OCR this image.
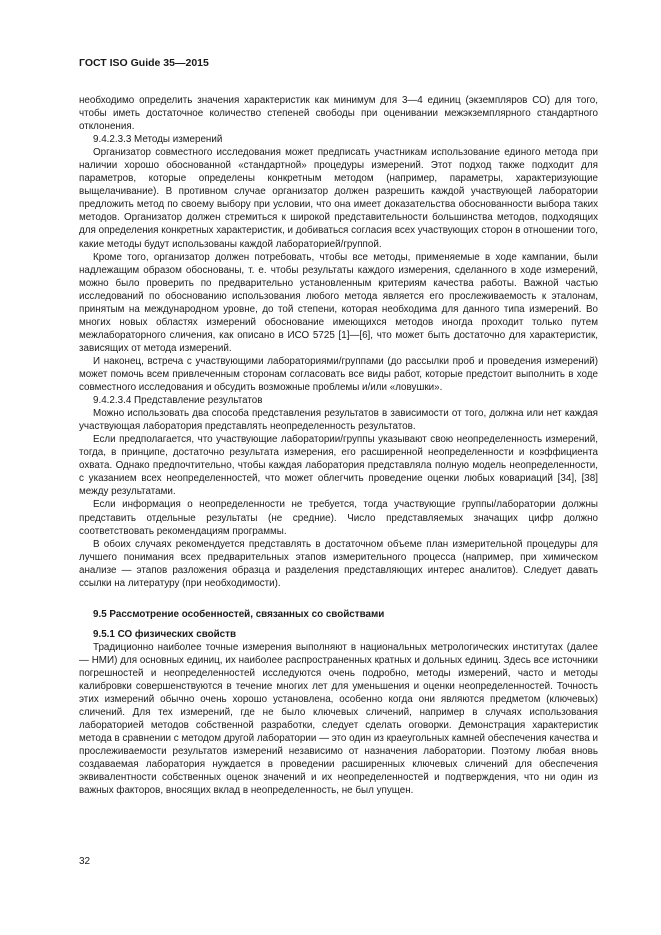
ГОСТ ISO Guide 35—2015

необходимо определить значения характеристик как минимум для 3—4 единиц (экземпляров СО) для того, чтобы иметь достаточное количество степеней свободы при оценивании межэкземплярного стандартного отклонения.

9.4.2.3.3 Методы измерений

Организатор совместного исследования может предписать участникам использование единого метода при наличии хорошо обоснованной «стандартной» процедуры измерений. Этот подход также подходит для параметров, которые определены конкретным методом (например, параметры, характеризующие выщелачивание). В противном случае организатор должен разрешить каждой участвующей лаборатории предложить метод по своему выбору при условии, что она имеет доказательства обоснованности выбора таких методов. Организатор должен стремиться к широкой представительности большинства методов, подходящих для определения конкретных характеристик, и добиваться согласия всех участвующих сторон в отношении того, какие методы будут использованы каждой лабораторией/группой.

Кроме того, организатор должен потребовать, чтобы все методы, применяемые в ходе кампании, были надлежащим образом обоснованы, т. е. чтобы результаты каждого измерения, сделанного в ходе измерений, можно было проверить по предварительно установленным критериям качества работы. Важной частью исследований по обоснованию использования любого метода является его прослеживаемость к эталонам, принятым на международном уровне, до той степени, которая необходима для данного типа измерений. Во многих новых областях измерений обоснование имеющихся методов иногда проходит только путем межлабораторного сличения, как описано в ИСО 5725 [1]—[6], что может быть достаточно для характеристик, зависящих от метода измерений.

И наконец, встреча с участвующими лабораториями/группами (до рассылки проб и проведения измерений) может помочь всем привлеченным сторонам согласовать все виды работ, которые предстоит выполнить в ходе совместного исследования и обсудить возможные проблемы и/или «ловушки».

9.4.2.3.4 Представление результатов

Можно использовать два способа представления результатов в зависимости от того, должна или нет каждая участвующая лаборатория представлять неопределенность результатов.

Если предполагается, что участвующие лаборатории/группы указывают свою неопределенность измерений, тогда, в принципе, достаточно результата измерения, его расширенной неопределенности и коэффициента охвата. Однако предпочтительно, чтобы каждая лаборатория представляла полную модель неопределенности, с указанием всех неопределенностей, что может облегчить проведение оценки любых ковариаций [34], [38] между результатами.

Если информация о неопределенности не требуется, тогда участвующие группы/лаборатории должны представить отдельные результаты (не средние). Число представляемых значащих цифр должно соответствовать рекомендациям программы.

В обоих случаях рекомендуется представлять в достаточном объеме план измерительной процедуры для лучшего понимания всех предварительных этапов измерительного процесса (например, при химическом анализе — этапов разложения образца и разделения представляющих интерес аналитов). Следует давать ссылки на литературу (при необходимости).

9.5 Рассмотрение особенностей, связанных со свойствами

9.5.1 СО физических свойств

Традиционно наиболее точные измерения выполняют в национальных метрологических институтах (далее — НМИ) для основных единиц, их наиболее распространенных кратных и дольных единиц. Здесь все источники погрешностей и неопределенностей исследуются очень подробно, методы измерений, часто и методы калибровки совершенствуются в течение многих лет для уменьшения и оценки неопределенностей. Точность этих измерений обычно очень хорошо установлена, особенно когда они являются предметом (ключевых) сличений. Для тех измерений, где не было ключевых сличений, например в случаях использования лабораторией методов собственной разработки, следует сделать оговорки. Демонстрация характеристик метода в сравнении с методом другой лаборатории — это один из краеугольных камней обеспечения качества и прослеживаемости результатов измерений независимо от назначения лаборатории. Поэтому любая вновь создаваемая лаборатория нуждается в проведении расширенных ключевых сличений для обеспечения эквивалентности собственных оценок значений и их неопределенностей и подтверждения, что ни один из важных факторов, вносящих вклад в неопределенность, не был упущен.

32
